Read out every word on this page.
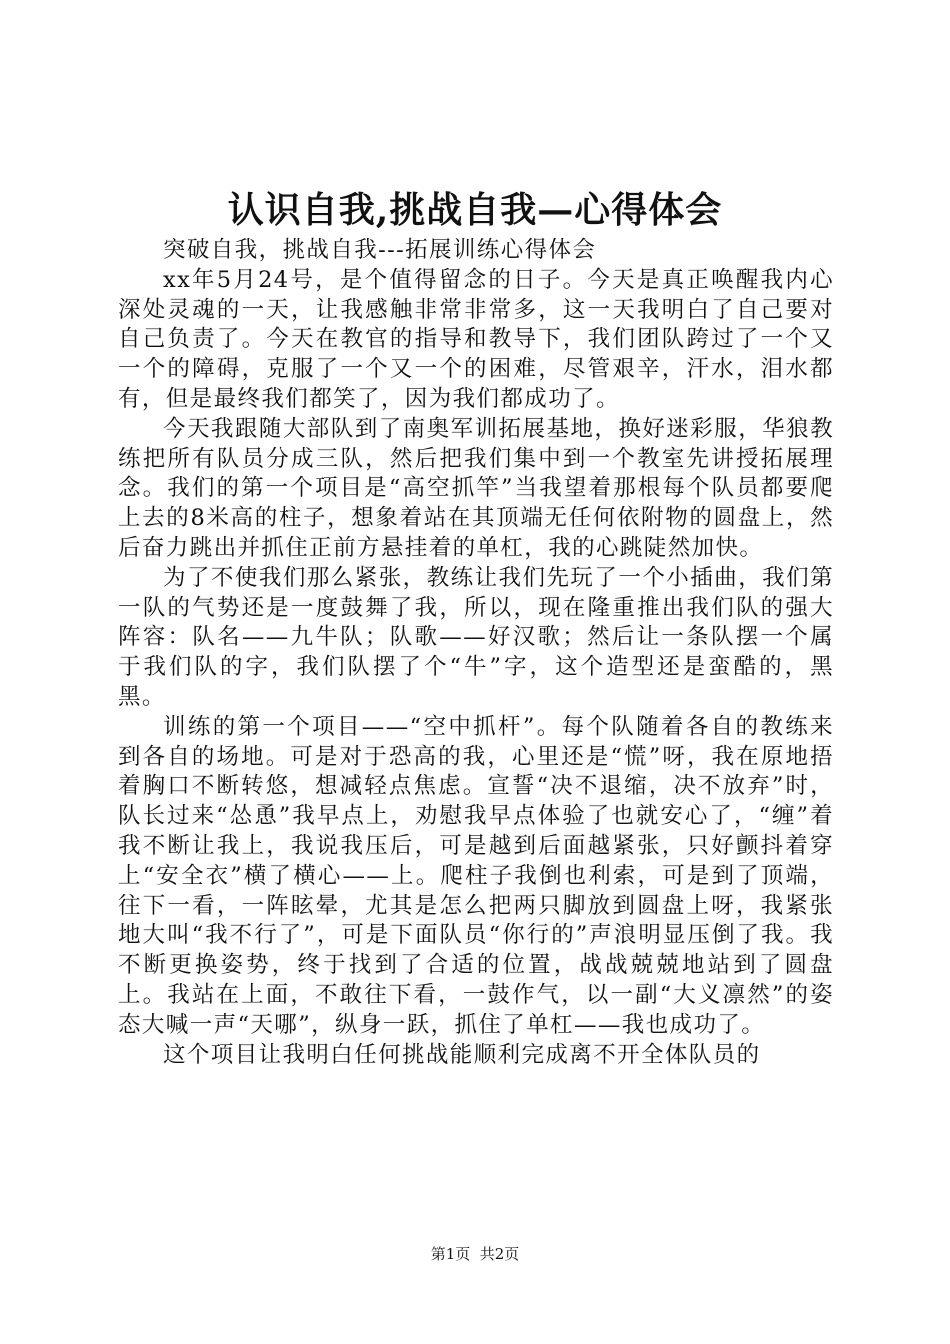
认识自我,挑战自我—心得体会

突破自我，挑战自我---拓展训练心得体会

xx年5月24号，是个值得留念的日子。今天是真正唤醒我内心深处灵魂的一天，让我感触非常非常多，这一天我明白了自己要对自己负责了。今天在教官的指导和教导下，我们团队跨过了一个又一个的障碍，克服了一个又一个的困难，尽管艰辛，汗水，泪水都有，但是最终我们都笑了，因为我们都成功了。

今天我跟随大部队到了南奥军训拓展基地，换好迷彩服，华狼教练把所有队员分成三队，然后把我们集中到一个教室先讲授拓展理念。我们的第一个项目是“高空抓竿”当我望着那根每个队员都要爬上去的8米高的柱子，想象着站在其顶端无任何依附物的圆盘上，然后奋力跳出并抓住正前方悬挂着的单杠，我的心跳陡然加快。

为了不使我们那么紧张，教练让我们先玩了一个小插曲，我们第一队的气势还是一度鼓舞了我，所以，现在隆重推出我们队的强大阵容：队名——九牛队；队歌——好汉歌；然后让一条队摆一个属于我们队的字，我们队摆了个“牛”字，这个造型还是蛮酷的，黑黑。

训练的第一个项目——“空中抓杆”。每个队随着各自的教练来到各自的场地。可是对于恐高的我，心里还是“慌”呀，我在原地捂着胸口不断转悠，想减轻点焦虑。宣誓“决不退缩，决不放弃”时，队长过来“怂恿”我早点上，劝慰我早点体验了也就安心了，“缠”着我不断让我上，我说我压后，可是越到后面越紧张，只好颤抖着穿上“安全衣”横了横心——上。爬柱子我倒也利索，可是到了顶端，往下一看，一阵眩晕，尤其是怎么把两只脚放到圆盘上呀，我紧张地大叫“我不行了”，可是下面队员“你行的”声浪明显压倒了我。我不断更换姿势，终于找到了合适的位置，战战兢兢地站到了圆盘上。我站在上面，不敢往下看，一鼓作气，以一副“大义凛然”的姿态大喊一声“天哪”，纵身一跃，抓住了单杠——我也成功了。

这个项目让我明白任何挑战能顺利完成离不开全体队员的

第1页  共2页
